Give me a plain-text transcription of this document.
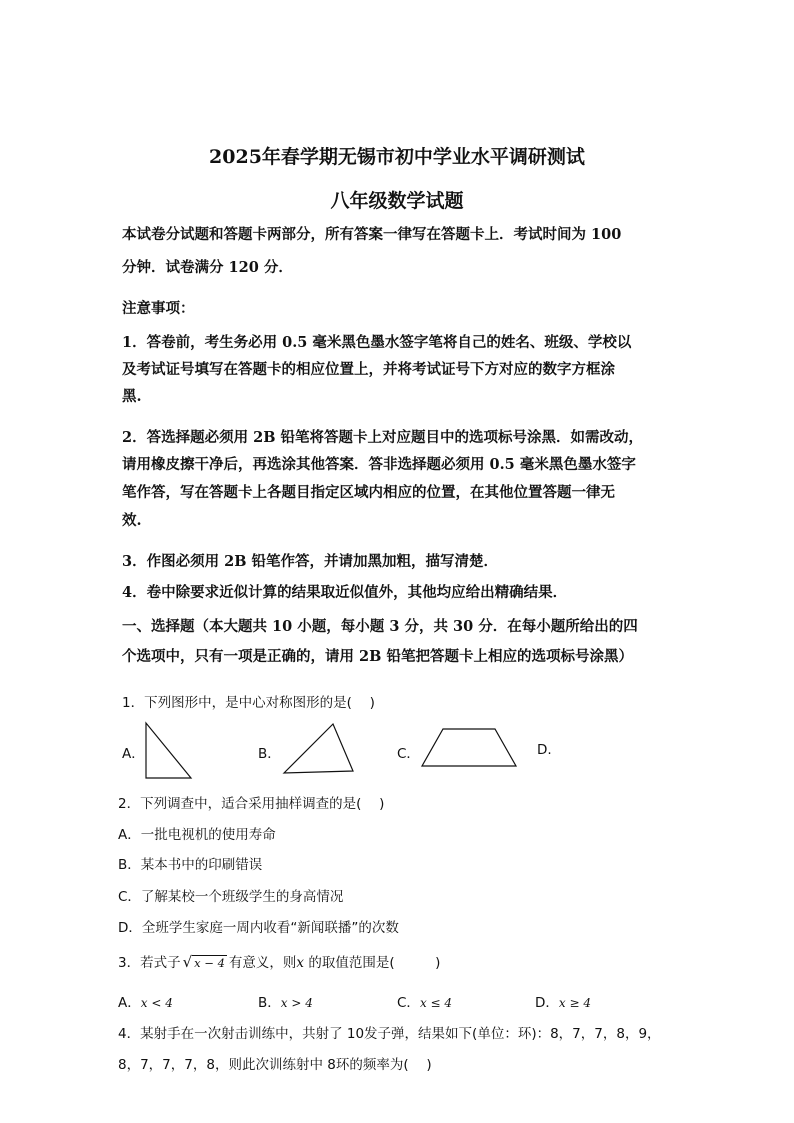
2025年春学期无锡市初中学业水平调研测试
八年级数学试题
本试卷分试题和答题卡两部分，所有答案一律写在答题卡上．考试时间为 100
分钟．试卷满分 120 分．
注意事项：
1．答卷前，考生务必用 0.5 毫米黑色墨水签字笔将自己的姓名、班级、学校以
及考试证号填写在答题卡的相应位置上，并将考试证号下方对应的数字方框涂
黑.
2．答选择题必须用 2B 铅笔将答题卡上对应题目中的选项标号涂黑．如需改动，
请用橡皮擦干净后，再选涂其他答案．答非选择题必须用 0.5 毫米黑色墨水签字
笔作答，写在答题卡上各题目指定区域内相应的位置，在其他位置答题一律无
效.
3．作图必须用 2B 铅笔作答，并请加黑加粗，描写清楚．
4．卷中除要求近似计算的结果取近似值外，其他均应给出精确结果．
一、选择题（本大题共 10 小题，每小题 3 分，共 30 分．在每小题所给出的四
个选项中，只有一项是正确的，请用 2B 铅笔把答题卡上相应的选项标号涂黑）
1．下列图形中，是中心对称图形的是(　 )
A．	B．	C．	D.
2．下列调查中，适合采用抽样调查的是(　 )
A．一批电视机的使用寿命
B．某本书中的印刷错误
C．了解某校一个班级学生的身高情况
D．全班学生家庭一周内收看“新闻联播”的次数
3．若式子 √ x − 4 有意义，则x 的取值范围是(　　　)
A．x < 4	B．x > 4	C．x ≤ 4	D．x ≥ 4
4．某射手在一次射击训练中，共射了 10发子弹，结果如下(单位：环)：8，7，7，8，9，
8，7，7，7，8，则此次训练射中 8环的频率为(　 )
